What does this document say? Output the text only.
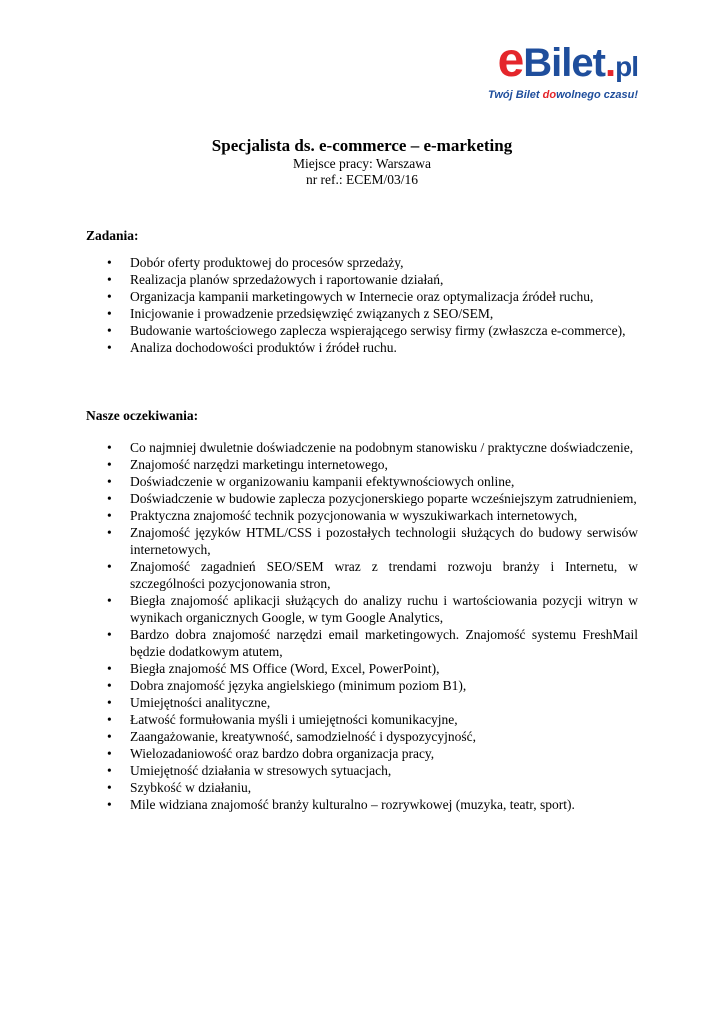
eBilet.pl
Twój Bilet dowolnego czasu!

Specjalista ds. e-commerce – e-marketing

Miejsce pracy: Warszawa

nr ref.: ECEM/03/16

Zadania:

• Dobór oferty produktowej do procesów sprzedaży,
• Realizacja planów sprzedażowych i raportowanie działań,
• Organizacja kampanii marketingowych w Internecie oraz optymalizacja źródeł ruchu,
• Inicjowanie i prowadzenie przedsięwzięć związanych z SEO/SEM,
• Budowanie wartościowego zaplecza wspierającego serwisy firmy (zwłaszcza e-commerce),
• Analiza dochodowości produktów i źródeł ruchu.

Nasze oczekiwania:

• Co najmniej dwuletnie doświadczenie na podobnym stanowisku / praktyczne doświadczenie,
• Znajomość narzędzi marketingu internetowego,
• Doświadczenie w organizowaniu kampanii efektywnościowych online,
• Doświadczenie w budowie zaplecza pozycjonerskiego poparte wcześniejszym zatrudnieniem,
• Praktyczna znajomość technik pozycjonowania w wyszukiwarkach internetowych,
• Znajomość języków HTML/CSS i pozostałych technologii służących do budowy serwisów internetowych,
• Znajomość zagadnień SEO/SEM wraz z trendami rozwoju branży i Internetu, w szczególności pozycjonowania stron,
• Biegła znajomość aplikacji służących do analizy ruchu i wartościowania pozycji witryn w wynikach organicznych Google, w tym Google Analytics,
• Bardzo dobra znajomość narzędzi email marketingowych. Znajomość systemu FreshMail będzie dodatkowym atutem,
• Biegła znajomość MS Office (Word, Excel, PowerPoint),
• Dobra znajomość języka angielskiego (minimum poziom B1),
• Umiejętności analityczne,
• Łatwość formułowania myśli i umiejętności komunikacyjne,
• Zaangażowanie, kreatywność, samodzielność i dyspozycyjność,
• Wielozadaniowość oraz bardzo dobra organizacja pracy,
• Umiejętność działania w stresowych sytuacjach,
• Szybkość w działaniu,
• Mile widziana znajomość branży kulturalno – rozrywkowej (muzyka, teatr, sport).
